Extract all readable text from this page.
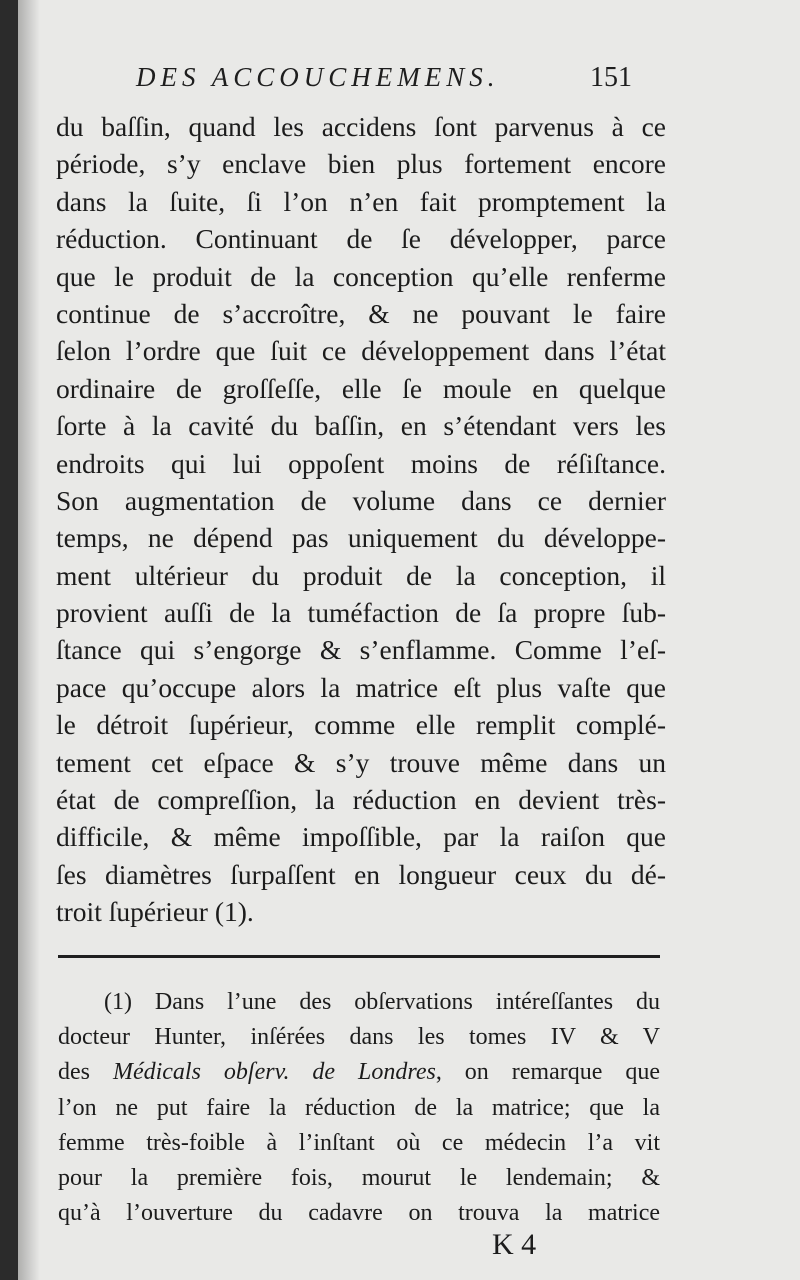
DES ACCOUCHEMENS.	151
du baſſin, quand les accidens ſont parvenus à ce
période, s’y enclave bien plus fortement encore
dans la ſuite, ſi l’on n’en fait promptement la
réduction. Continuant de ſe développer, parce
que le produit de la conception qu’elle renferme
continue de s’accroître, & ne pouvant le faire
ſelon l’ordre que ſuit ce développement dans l’état
ordinaire de groſſeſſe, elle ſe moule en quelque
ſorte à la cavité du baſſin, en s’étendant vers les
endroits qui lui oppoſent moins de réſiſtance.
Son augmentation de volume dans ce dernier
temps, ne dépend pas uniquement du développe-
ment ultérieur du produit de la conception, il
provient auſſi de la tuméfaction de ſa propre ſub-
ſtance qui s’engorge & s’enflamme. Comme l’eſ-
pace qu’occupe alors la matrice eſt plus vaſte que
le détroit ſupérieur, comme elle remplit complé-
tement cet eſpace & s’y trouve même dans un
état de compreſſion, la réduction en devient très-
difficile, & même impoſſible, par la raiſon que
ſes diamètres ſurpaſſent en longueur ceux du dé-
troit ſupérieur (1).
(1) Dans l’une des obſervations intéreſſantes du
docteur Hunter, inſérées dans les tomes IV & V
des Médicals obſerv. de Londres, on remarque que
l’on ne put faire la réduction de la matrice; que la
femme très-foible à l’inſtant où ce médecin l’a vit
pour la première fois, mourut le lendemain; &
qu’à l’ouverture du cadavre on trouva la matrice
K 4
